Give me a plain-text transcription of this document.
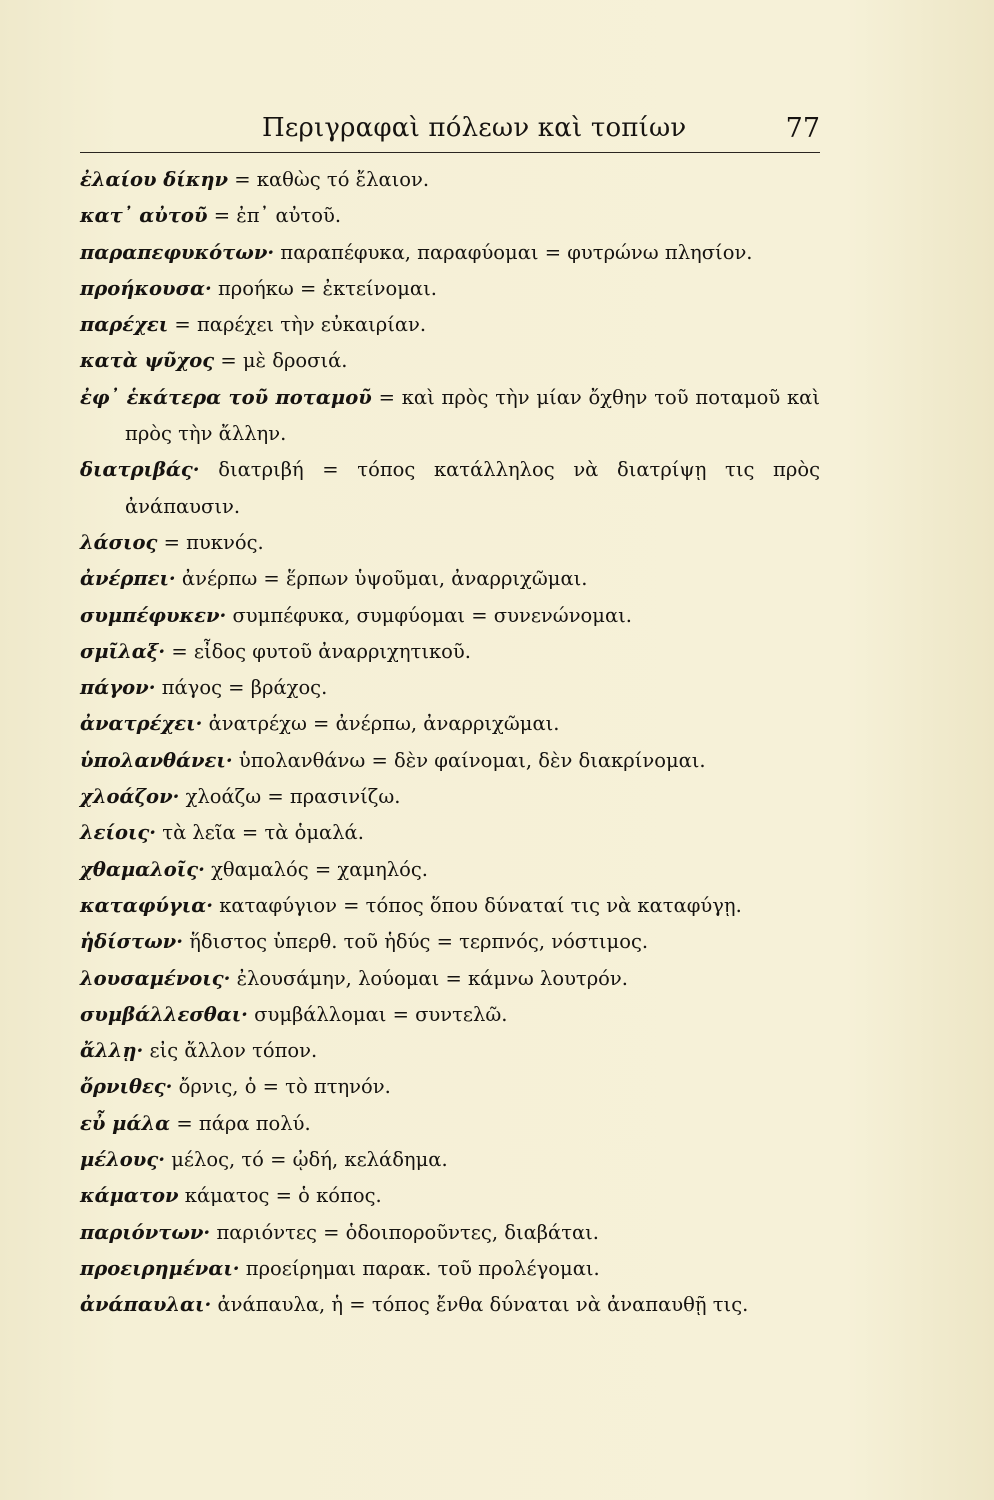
Περιγραφαὶ πόλεων καὶ τοπίων	77
ἐλαίου δίκην = καθὼς τό ἔλαιον.
κατ᾽ αὐτοῦ = ἐπ᾽ αὐτοῦ.
παραπεφυκότων· παραπέφυκα, παραφύομαι = φυτρώνω πλησίον.
προήκουσα· προήκω = ἐκτείνομαι.
παρέχει = παρέχει τὴν εὐκαιρίαν.
κατὰ ψῦχος = μὲ δροσιά.
ἐφ᾽ ἑκάτερα τοῦ ποταμοῦ = καὶ πρὸς τὴν μίαν ὄχθην τοῦ ποταμοῦ καὶ πρὸς τὴν ἄλλην.
διατριβάς· διατριβή = τόπος κατάλληλος νὰ διατρίψῃ τις πρὸς ἀνάπαυσιν.
λάσιος = πυκνός.
ἀνέρπει· ἀνέρπω = ἕρπων ὑψοῦμαι, ἀναρριχῶμαι.
συμπέφυκεν· συμπέφυκα, συμφύομαι = συνενώνομαι.
σμῖλαξ· = εἶδος φυτοῦ ἀναρριχητικοῦ.
πάγον· πάγος = βράχος.
ἀνατρέχει· ἀνατρέχω = ἀνέρπω, ἀναρριχῶμαι.
ὑπολανθάνει· ὑπολανθάνω = δὲν φαίνομαι, δὲν διακρίνομαι.
χλοάζον· χλοάζω = πρασινίζω.
λείοις· τὰ λεῖα = τὰ ὁμαλά.
χθαμαλοῖς· χθαμαλός = χαμηλός.
καταφύγια· καταφύγιον = τόπος ὅπου δύναταί τις νὰ καταφύγῃ.
ἡδίστων· ἥδιστος ὑπερθ. τοῦ ἡδύς = τερπνός, νόστιμος.
λουσαμένοις· ἐλουσάμην, λούομαι = κάμνω λουτρόν.
συμβάλλεσθαι· συμβάλλομαι = συντελῶ.
ἄλλῃ· εἰς ἄλλον τόπον.
ὄρνιθες· ὄρνις, ὁ = τὸ πτηνόν.
εὖ μάλα = πάρα πολύ.
μέλους· μέλος, τό = ᾠδή, κελάδημα.
κάματον κάματος = ὁ κόπος.
παριόντων· παριόντες = ὁδοιποροῦντες, διαβάται.
προειρημέναι· προείρημαι παρακ. τοῦ προλέγομαι.
ἀνάπαυλαι· ἀνάπαυλα, ἡ = τόπος ἔνθα δύναται νὰ ἀναπαυθῇ τις.
